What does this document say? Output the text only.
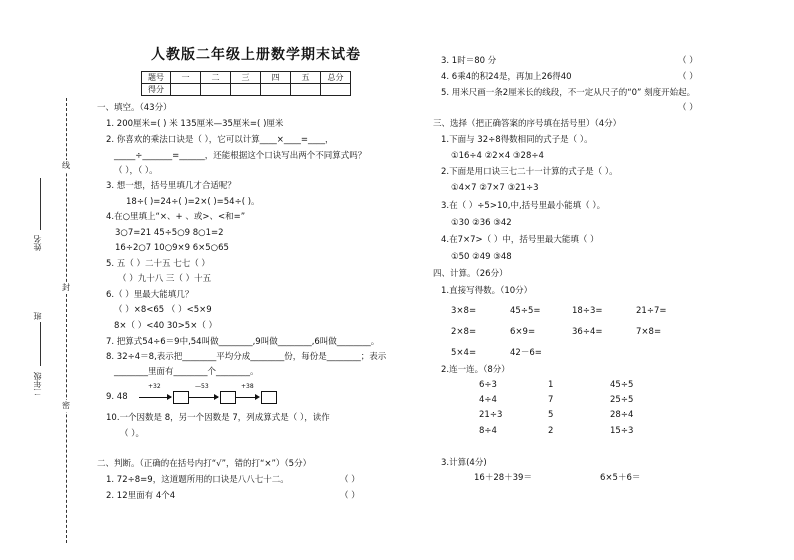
人教版二年级上册数学期末试卷
题号	一	二	三	四	五	总分
得分						
线
封
密
姓名
班
二年级
一、填空。（43分）
1. 200厘米=( ) 米 135厘米—35厘米=( )厘米
2. 你喜欢的乘法口诀是（ ），它可以计算____×____=____，
_____÷_______=______，还能根据这个口诀写出两个不同算式吗？
（ ），（ ）。
3. 想一想，括号里填几才合适呢？
18÷( )=24÷( )=2×( )=54÷( )。
4.在○里填上“×、+ 、或>、<和=”
3○7=21 45÷5○9 8○1=2
16÷2○7 10○9×9 6×5○65
5. 五（ ）二十五 七七（ ）
（ ）九十八 三（ ）十五
6.（ ）里最大能填几？
（ ）×8<65 （ ）<5×9
8×（ ）<40 30>5×（ ）
7. 把算式54÷6＝9中,54叫做________,9叫做________,6叫做________。
8. 32÷4＝8,表示把________平均分成________份，每份是________；表示
________里面有________个________。
9. 48
+32	—53	+38
10.一个因数是 8，另一个因数是 7，列成算式是（ ），读作
（ ）。
二、判断。（正确的在括号内打“√”，错的打“×”）（5分）
1. 72÷8=9，这道题所用的口诀是八八七十二。	（ ）
2. 12里面有 4个4	（ ）
3. 1时＝80 分	（ ）
4. 6乘4的积24是，再加上26得40	（ ）
5. 用米尺画一条2厘米长的线段，不一定从尺子的“0” 刻度开始起。
（ ）
三、选择（把正确答案的序号填在括号里）（4分）
1.下面与 32÷8得数相同的式子是（ ）。
①16÷4 ②2×4 ③28÷4
2.下面是用口诀三七二十一计算的式子是（ ）。
①4×7 ②7×7 ③21÷3
3.在（ ）÷5>10,中,括号里最小能填（ ）。
①30 ②36 ③42
4.在7×7>（ ）中，括号里最大能填（ ）
①50 ②49 ③48
四、计算。（26分）
1.直接写得数。（10分）
3×8=	45÷5=	18÷3=	21÷7=
2×8=	6×9=	36÷4=	7×8=
5×4=	42－6=
2.连一连。（8分）
6÷3	1	45÷5
4÷4	7	25÷5
21÷3	5	28÷4
8÷4	2	15÷3
3.计算(4分)
16＋28＋39＝	6×5＋6＝
